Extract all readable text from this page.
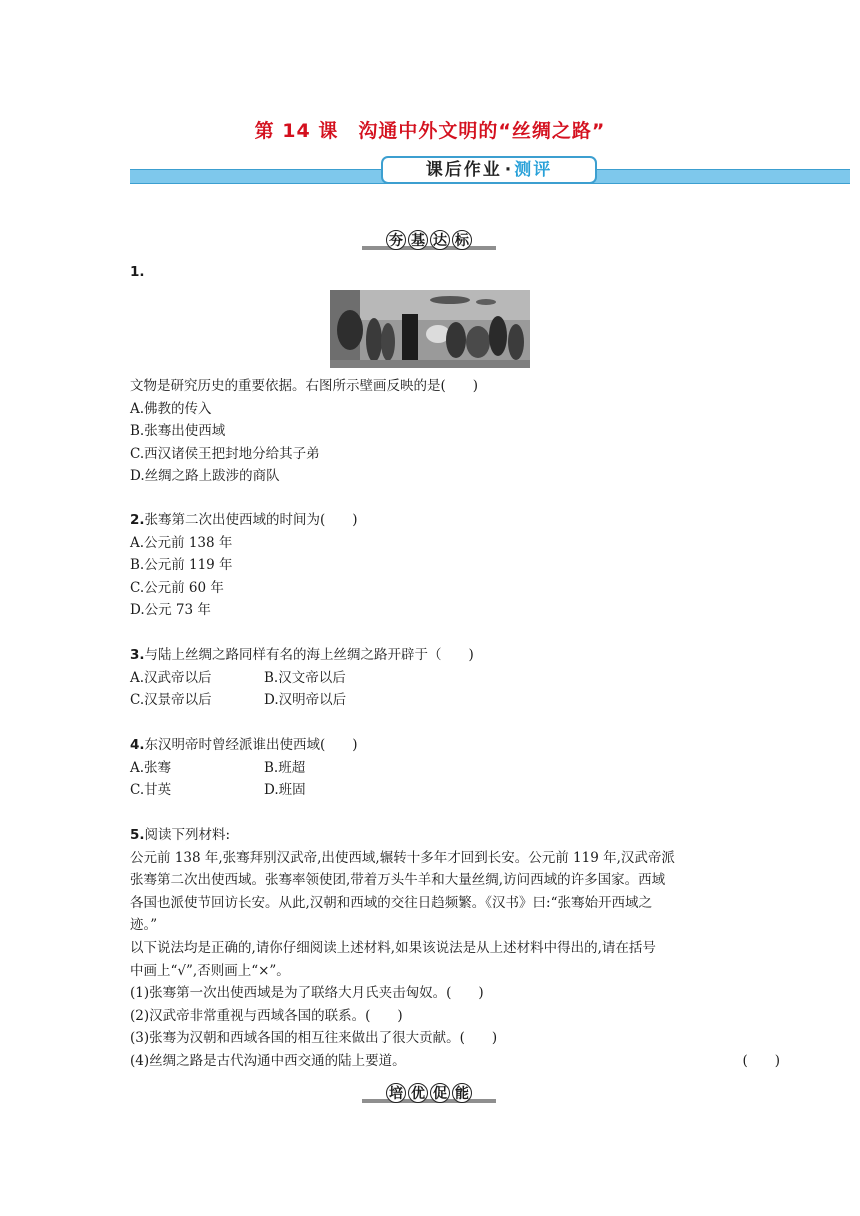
第 14 课　沟通中外文明的“丝绸之路”
课后作业 · 测评
夯 基 达 标
1.
文物是研究历史的重要依据。右图所示壁画反映的是(　　)
A.佛教的传入
B.张骞出使西域
C.西汉诸侯王把封地分给其子弟
D.丝绸之路上跋涉的商队
2.张骞第二次出使西域的时间为(　　)
A.公元前 138 年
B.公元前 119 年
C.公元前 60 年
D.公元 73 年
3.与陆上丝绸之路同样有名的海上丝绸之路开辟于（　　)
A.汉武帝以后	B.汉文帝以后
C.汉景帝以后	D.汉明帝以后
4.东汉明帝时曾经派谁出使西域(　　)
A.张骞	B.班超
C.甘英	D.班固
5.阅读下列材料:
公元前 138 年,张骞拜别汉武帝,出使西域,辗转十多年才回到长安。公元前 119 年,汉武帝派
张骞第二次出使西域。张骞率领使团,带着万头牛羊和大量丝绸,访问西域的许多国家。西域
各国也派使节回访长安。从此,汉朝和西域的交往日趋频繁。《汉书》曰:“张骞始开西域之
迹。”
以下说法均是正确的,请你仔细阅读上述材料,如果该说法是从上述材料中得出的,请在括号
中画上“√”,否则画上“×”。
(1)张骞第一次出使西域是为了联络大月氏夹击匈奴。(　　)
(2)汉武帝非常重视与西域各国的联系。(　　)
(3)张骞为汉朝和西域各国的相互往来做出了很大贡献。(　　)
(4)丝绸之路是古代沟通中西交通的陆上要道。	(　　)
培 优 促 能
